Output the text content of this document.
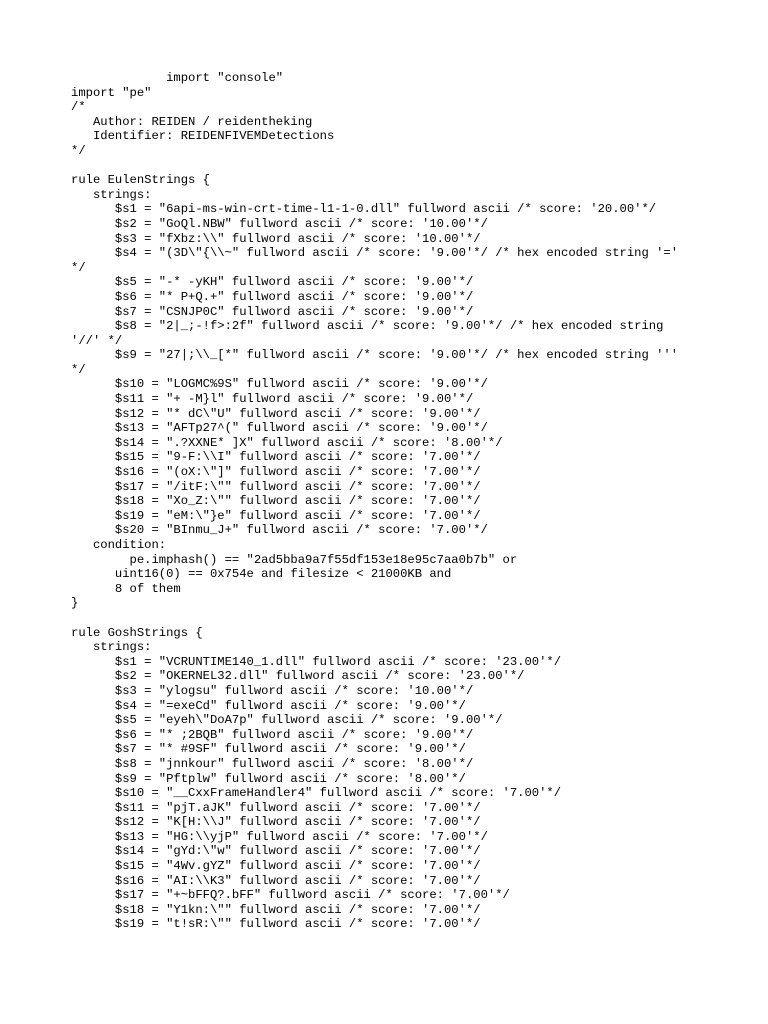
import "console"
import "pe"
/*
Author: REIDEN / reidentheking
Identifier: REIDENFIVEMDetections
*/
rule EulenStrings {
strings:
$s1 = "6api-ms-win-crt-time-l1-1-0.dll" fullword ascii /* score: '20.00'*/
$s2 = "GoQl.NBW" fullword ascii /* score: '10.00'*/
$s3 = "fXbz:\\" fullword ascii /* score: '10.00'*/
$s4 = "(3D\"{\\~" fullword ascii /* score: '9.00'*/ /* hex encoded string '='
*/
$s5 = "-* -yKH" fullword ascii /* score: '9.00'*/
$s6 = "* P+Q.+" fullword ascii /* score: '9.00'*/
$s7 = "CSNJP0C" fullword ascii /* score: '9.00'*/
$s8 = "2|_;-!f>:2f" fullword ascii /* score: '9.00'*/ /* hex encoded string
'//' */
$s9 = "27|;\\_[*" fullword ascii /* score: '9.00'*/ /* hex encoded string '''
*/
$s10 = "LOGMC%9S" fullword ascii /* score: '9.00'*/
$s11 = "+ -M}l" fullword ascii /* score: '9.00'*/
$s12 = "* dC\"U" fullword ascii /* score: '9.00'*/
$s13 = "AFTp27^(" fullword ascii /* score: '9.00'*/
$s14 = ".?XXNE* ]X" fullword ascii /* score: '8.00'*/
$s15 = "9-F:\\I" fullword ascii /* score: '7.00'*/
$s16 = "(oX:\"]" fullword ascii /* score: '7.00'*/
$s17 = "/itF:\"" fullword ascii /* score: '7.00'*/
$s18 = "Xo_Z:\"" fullword ascii /* score: '7.00'*/
$s19 = "eM:\"}e" fullword ascii /* score: '7.00'*/
$s20 = "BInmu_J+" fullword ascii /* score: '7.00'*/
condition:
pe.imphash() == "2ad5bba9a7f55df153e18e95c7aa0b7b" or
uint16(0) == 0x754e and filesize < 21000KB and
8 of them
}
rule GoshStrings {
strings:
$s1 = "VCRUNTIME140_1.dll" fullword ascii /* score: '23.00'*/
$s2 = "OKERNEL32.dll" fullword ascii /* score: '23.00'*/
$s3 = "ylogsu" fullword ascii /* score: '10.00'*/
$s4 = "=exeCd" fullword ascii /* score: '9.00'*/
$s5 = "eyeh\"DoA7p" fullword ascii /* score: '9.00'*/
$s6 = "* ;2BQB" fullword ascii /* score: '9.00'*/
$s7 = "* #9SF" fullword ascii /* score: '9.00'*/
$s8 = "jnnkour" fullword ascii /* score: '8.00'*/
$s9 = "Pftplw" fullword ascii /* score: '8.00'*/
$s10 = "__CxxFrameHandler4" fullword ascii /* score: '7.00'*/
$s11 = "pjT.aJK" fullword ascii /* score: '7.00'*/
$s12 = "K[H:\\J" fullword ascii /* score: '7.00'*/
$s13 = "HG:\\yjP" fullword ascii /* score: '7.00'*/
$s14 = "gYd:\"w" fullword ascii /* score: '7.00'*/
$s15 = "4Wv.gYZ" fullword ascii /* score: '7.00'*/
$s16 = "AI:\\K3" fullword ascii /* score: '7.00'*/
$s17 = "+~bFFQ?.bFF" fullword ascii /* score: '7.00'*/
$s18 = "Y1kn:\"" fullword ascii /* score: '7.00'*/
$s19 = "t!sR:\"" fullword ascii /* score: '7.00'*/
